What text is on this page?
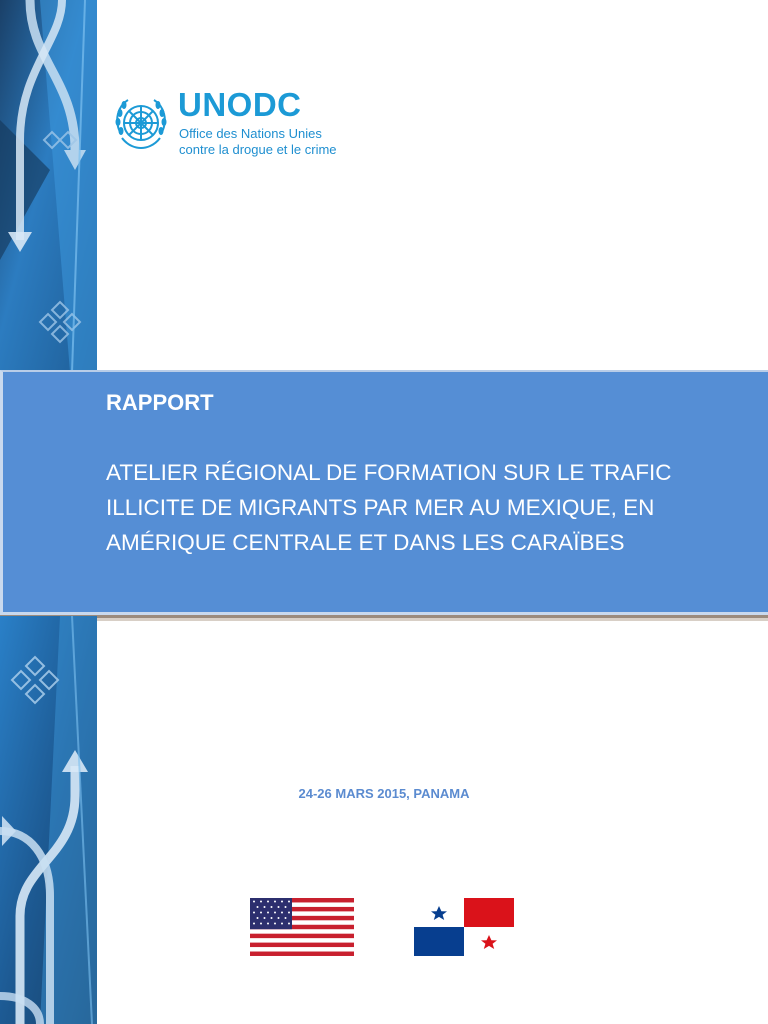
UNODC
Office des Nations Unies
contre la drogue et le crime
RAPPORT
ATELIER RÉGIONAL DE FORMATION SUR LE TRAFIC ILLICITE DE MIGRANTS PAR MER AU MEXIQUE, EN AMÉRIQUE CENTRALE ET DANS LES CARAÏBES
24-26 MARS 2015, PANAMA
